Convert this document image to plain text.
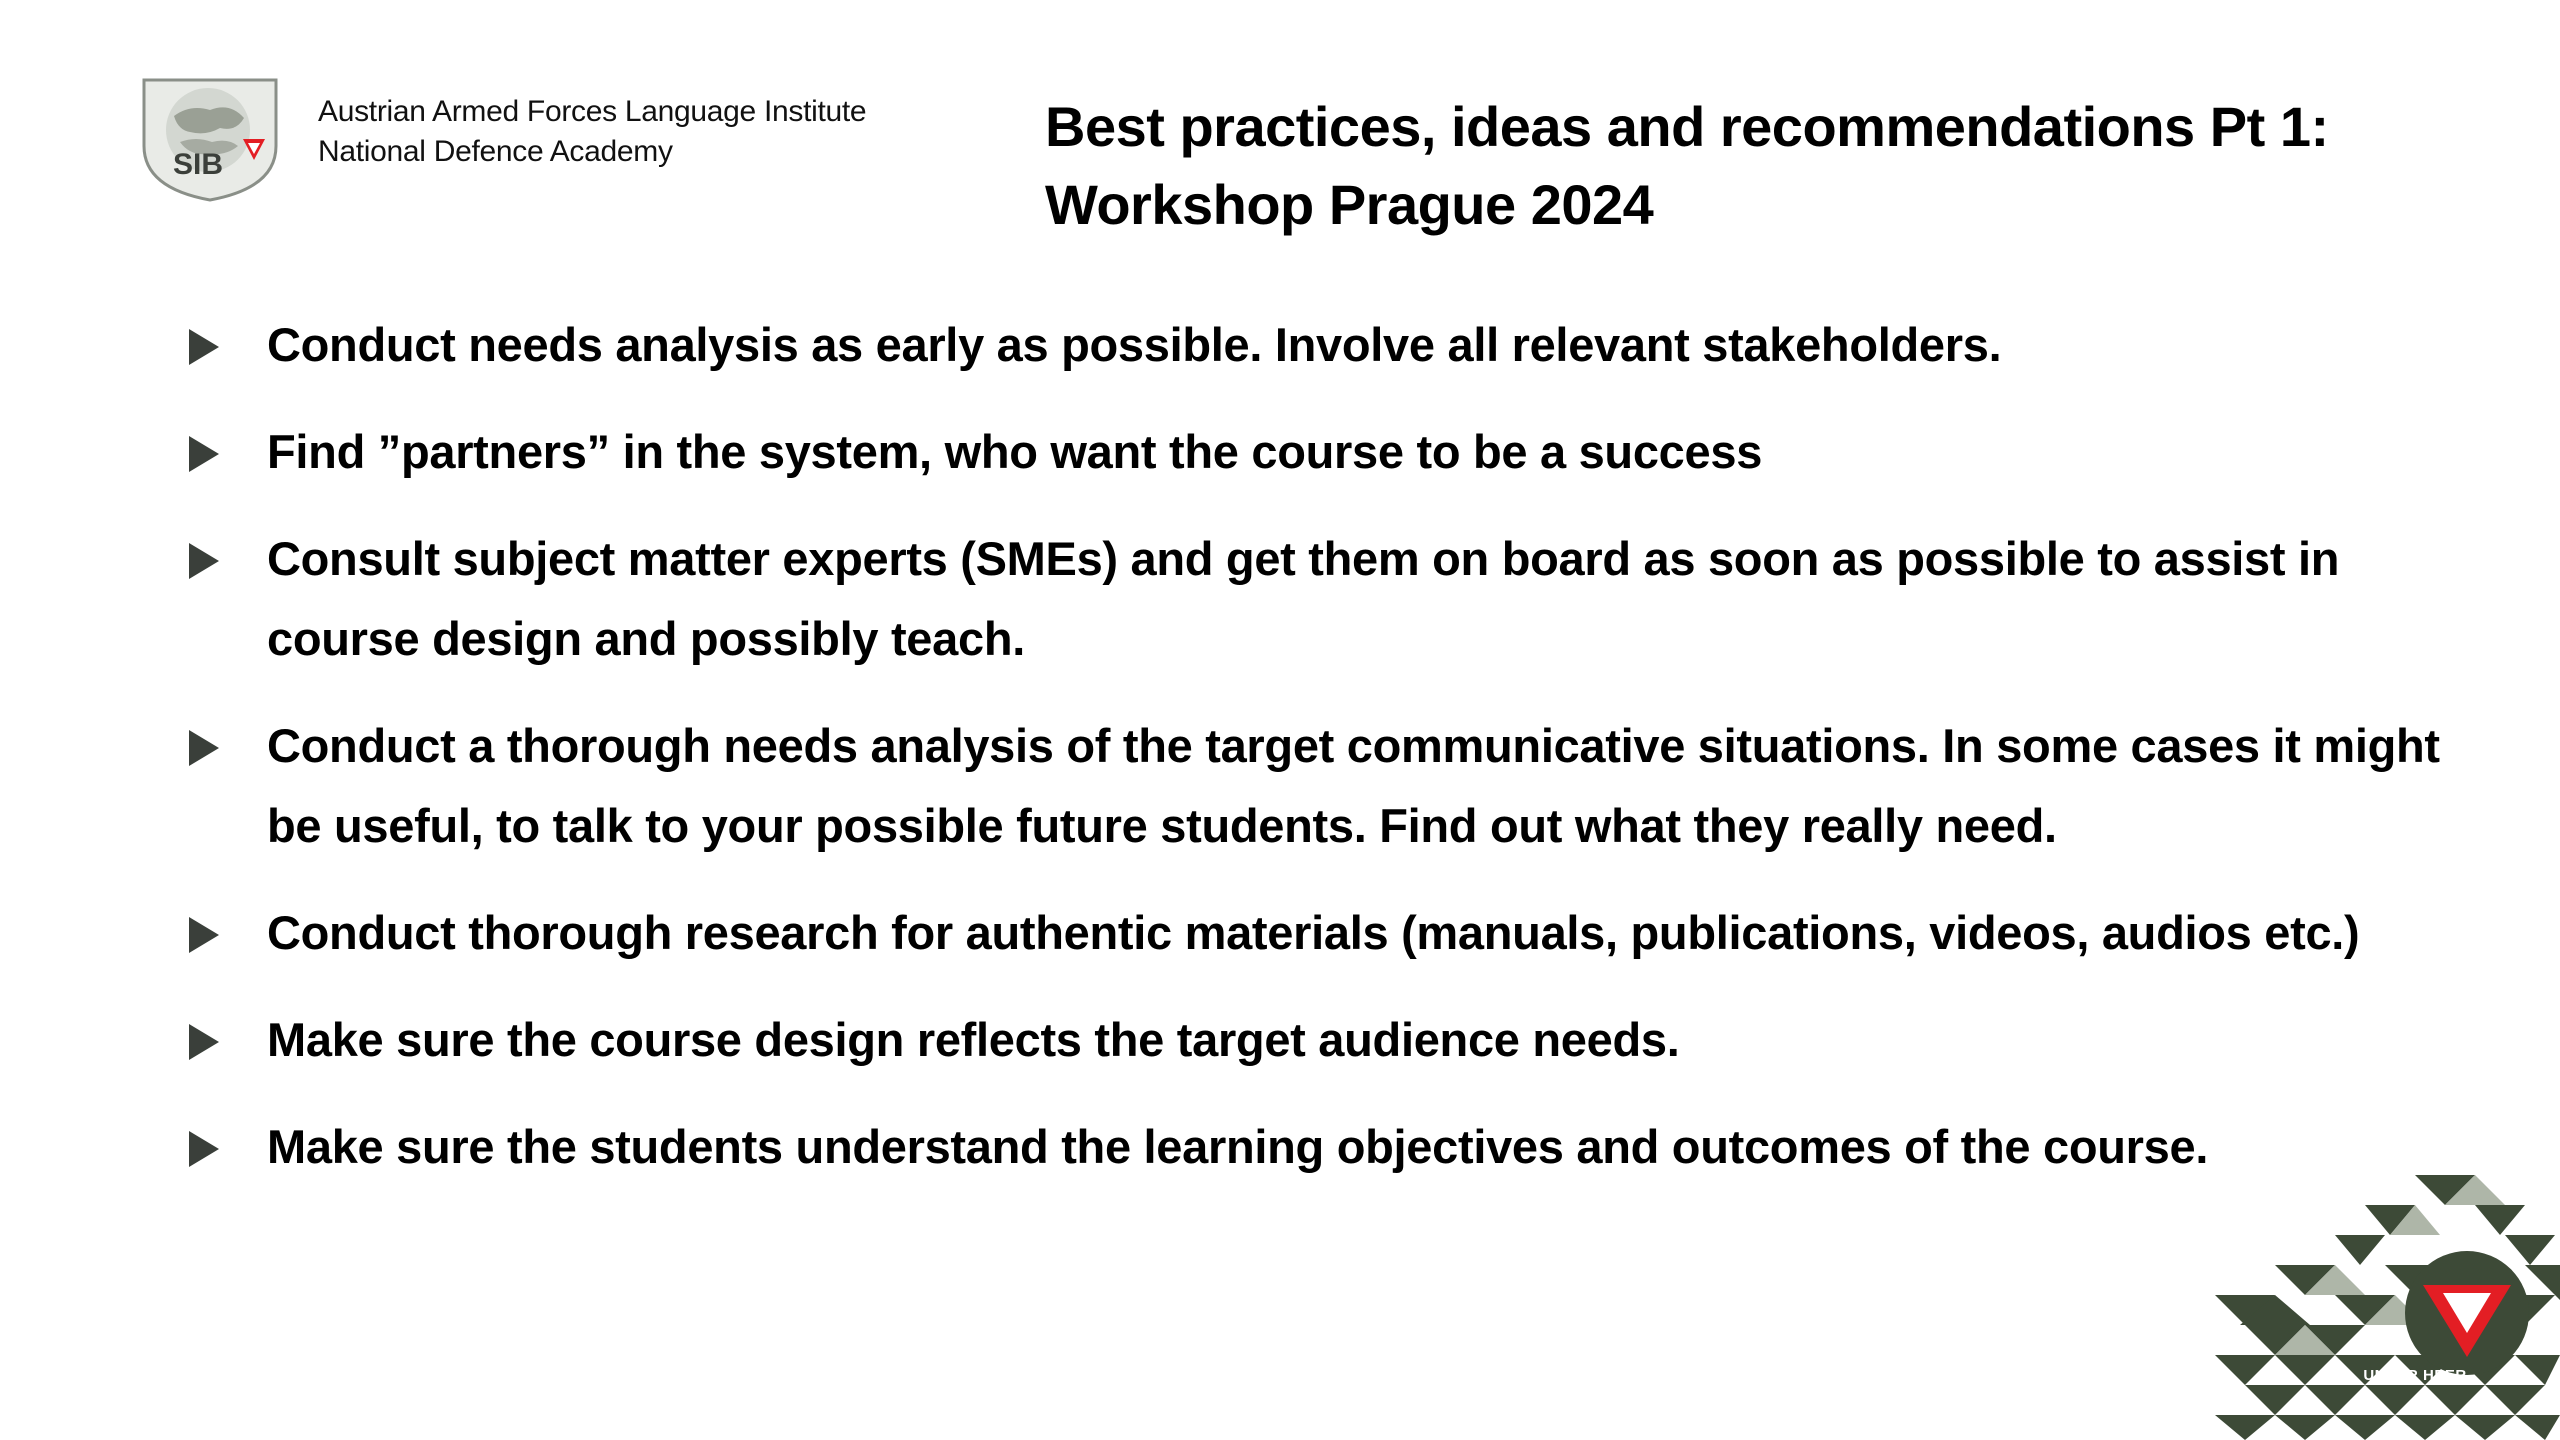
SIB
Austrian Armed Forces Language Institute
National Defence Academy	Best practices, ideas and recommendations Pt 1:
Workshop Prague 2024
Conduct needs analysis as early as possible. Involve all relevant stakeholders.
Find ”partners” in the system, who want the course to be a success
Consult subject matter experts (SMEs) and get them on board as soon as possible to assist in course design and possibly teach.
Conduct a thorough needs analysis of the target communicative situations. In some cases it might be useful, to talk to your possible future students. Find out what they really need.
Conduct thorough research for authentic materials (manuals, publications, videos, audios etc.)
Make sure the course design reflects the target audience needs.
Make sure the students understand the learning objectives and outcomes of the course.
UNSER HEER
